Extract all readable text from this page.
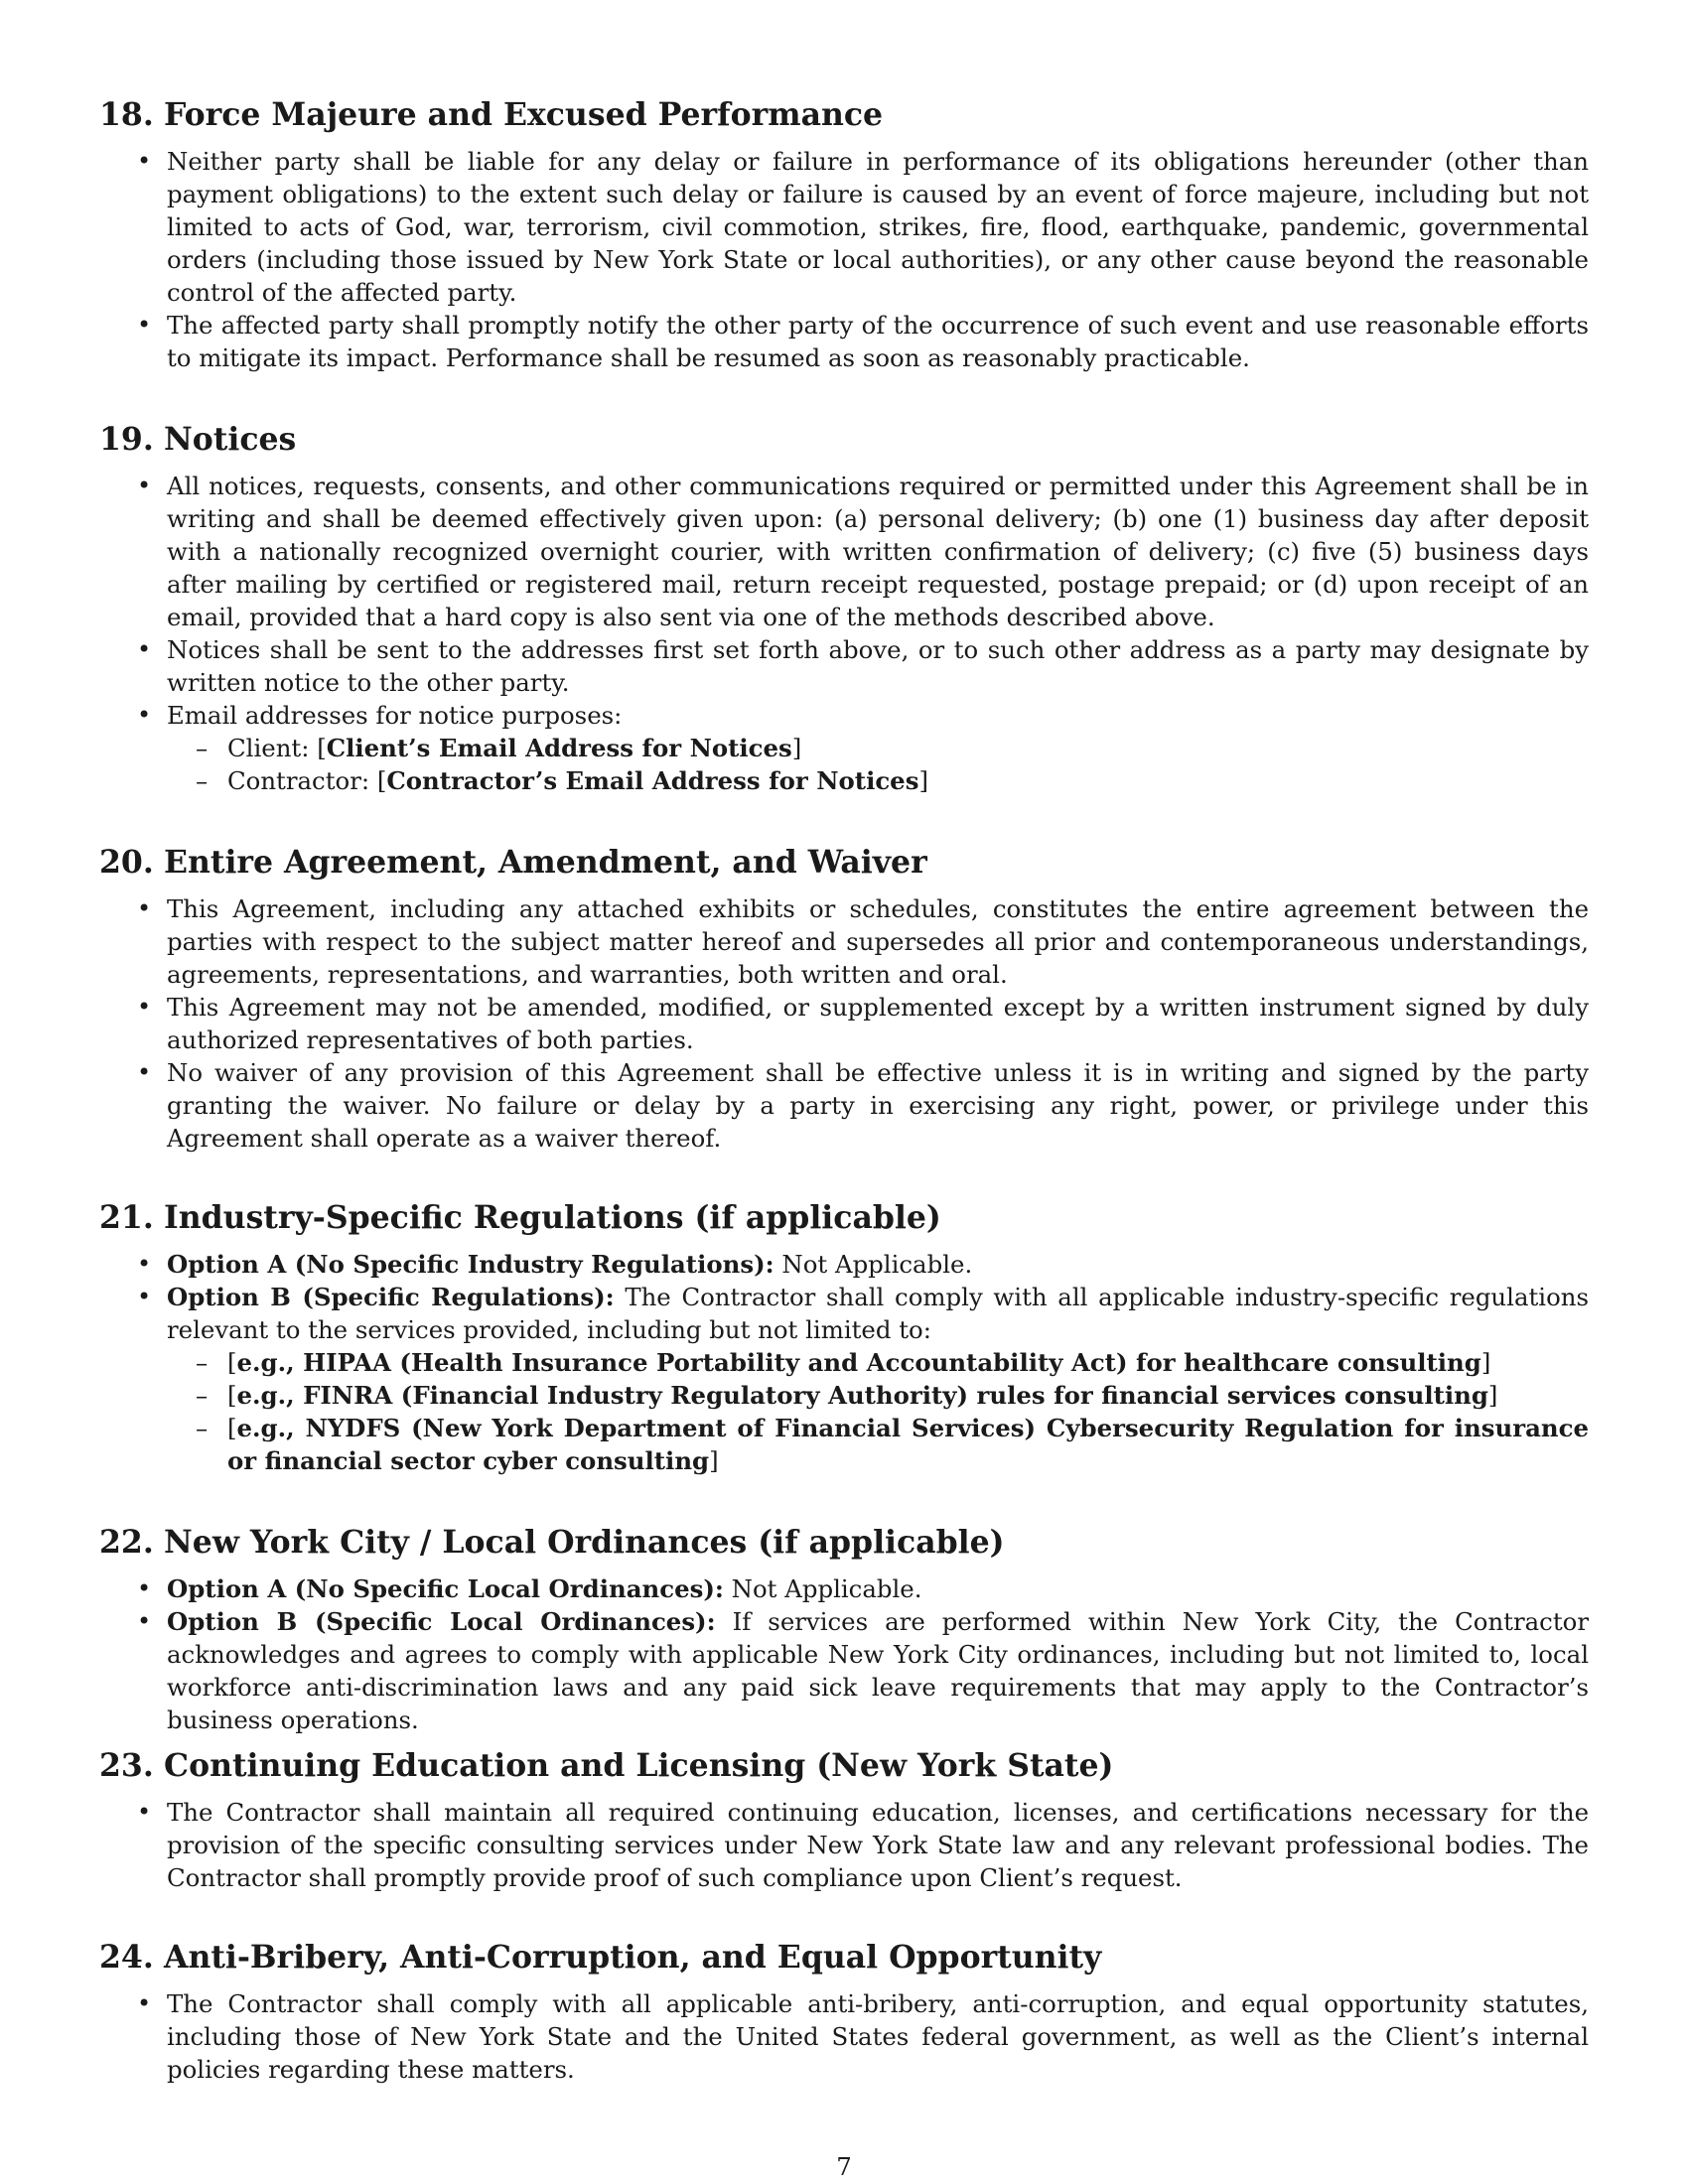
18. Force Majeure and Excused Performance
• Neither party shall be liable for any delay or failure in performance of its obligations hereunder (other than payment obligations) to the extent such delay or failure is caused by an event of force majeure, including but not limited to acts of God, war, terrorism, civil commotion, strikes, fire, flood, earthquake, pandemic, governmental orders (including those issued by New York State or local authorities), or any other cause beyond the reasonable control of the affected party.
• The affected party shall promptly notify the other party of the occurrence of such event and use reasonable efforts to mitigate its impact. Performance shall be resumed as soon as reasonably practicable.
19. Notices
• All notices, requests, consents, and other communications required or permitted under this Agreement shall be in writing and shall be deemed effectively given upon: (a) personal delivery; (b) one (1) business day after deposit with a nationally recognized overnight courier, with written confirmation of delivery; (c) five (5) business days after mailing by certified or registered mail, return receipt requested, postage prepaid; or (d) upon receipt of an email, provided that a hard copy is also sent via one of the methods described above.
• Notices shall be sent to the addresses first set forth above, or to such other address as a party may designate by written notice to the other party.
• Email addresses for notice purposes:
– Client: [Client’s Email Address for Notices]
– Contractor: [Contractor’s Email Address for Notices]
20. Entire Agreement, Amendment, and Waiver
• This Agreement, including any attached exhibits or schedules, constitutes the entire agreement between the parties with respect to the subject matter hereof and supersedes all prior and contemporaneous understandings, agreements, representations, and warranties, both written and oral.
• This Agreement may not be amended, modified, or supplemented except by a written instrument signed by duly authorized representatives of both parties.
• No waiver of any provision of this Agreement shall be effective unless it is in writing and signed by the party granting the waiver. No failure or delay by a party in exercising any right, power, or privilege under this Agreement shall operate as a waiver thereof.
21. Industry-Specific Regulations (if applicable)
• Option A (No Specific Industry Regulations): Not Applicable.
• Option B (Specific Regulations): The Contractor shall comply with all applicable industry-specific regulations relevant to the services provided, including but not limited to:
– [e.g., HIPAA (Health Insurance Portability and Accountability Act) for healthcare consulting]
– [e.g., FINRA (Financial Industry Regulatory Authority) rules for financial services consulting]
– [e.g., NYDFS (New York Department of Financial Services) Cybersecurity Regulation for insurance or financial sector cyber consulting]
22. New York City / Local Ordinances (if applicable)
• Option A (No Specific Local Ordinances): Not Applicable.
• Option B (Specific Local Ordinances): If services are performed within New York City, the Contractor acknowledges and agrees to comply with applicable New York City ordinances, including but not limited to, local workforce anti-discrimination laws and any paid sick leave requirements that may apply to the Contractor’s business operations.
23. Continuing Education and Licensing (New York State)
• The Contractor shall maintain all required continuing education, licenses, and certifications necessary for the provision of the specific consulting services under New York State law and any relevant professional bodies. The Contractor shall promptly provide proof of such compliance upon Client’s request.
24. Anti-Bribery, Anti-Corruption, and Equal Opportunity
• The Contractor shall comply with all applicable anti-bribery, anti-corruption, and equal opportunity statutes, including those of New York State and the United States federal government, as well as the Client’s internal policies regarding these matters.
7
